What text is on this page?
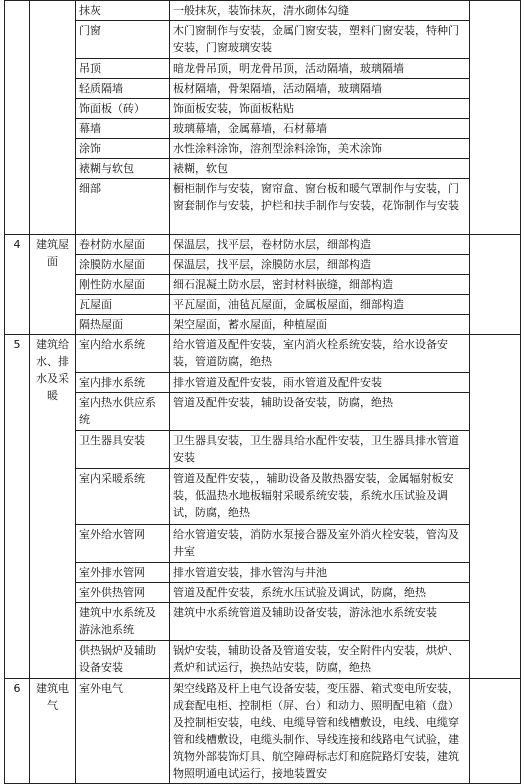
		抹灰	一般抹灰，装饰抹灰，清水砌体勾缝	
		门窗	木门窗制作与安装，金属门窗安装，塑料门窗安装，特种门安装，门窗玻璃安装	
		吊顶	暗龙骨吊顶，明龙骨吊顶，活动隔墙，玻璃隔墙	
		轻质隔墙	板材隔墙，骨架隔墙，活动隔墙，玻璃隔墙	
		饰面板（砖）	饰面板安装，饰面板粘贴	
		幕墙	玻璃幕墙，金属幕墙，石材幕墙	
		涂饰	水性涂料涂饰，溶剂型涂料涂饰，美术涂饰	
		裱糊与软包	裱糊，软包	
		细部	橱柜制作与安装，窗帘盒、窗台板和暖气罩制作与安装，门窗套制作与安装，护栏和扶手制作与安装，花饰制作与安装	
4	建筑屋面	卷材防水屋面	保温层，找平层，卷材防水层，细部构造	
		涂膜防水屋面	保温层，找平层，涂膜防水层，细部构造	
		刚性防水屋面	细石混凝土防水层，密封材料嵌缝，细部构造	
		瓦屋面	平瓦屋面，油毡瓦屋面，金属板屋面，细部构造	
		隔热屋面	架空屋面，蓄水屋面，种植屋面	
5	建筑给水、排水及采暖	室内给水系统	给水管道及配件安装，室内消火栓系统安装，给水设备安装，管道防腐，绝热	
		室内排水系统	排水管道及配件安装，雨水管道及配件安装	
		室内热水供应系统	管道及配件安装，辅助设备安装，防腐，绝热	
		卫生器具安装	卫生器具安装，卫生器具给水配件安装，卫生器具排水管道安装	
		室内采暖系统	管道及配件安装，，辅助设备及散热器安装，金属辐射板安装，低温热水地板辐射采暖系统安装，系统水压试验及调试，防腐，绝热	
		室外给水管网	给水管道安装，消防水泵接合器及室外消火栓安装，管沟及井室	
		室外排水管网	排水管道安装，排水管沟与井池	
		室外供热管网	管道及配件安装，系统水压试验及调试，防腐，绝热	
		建筑中水系统及游泳池系统	建筑中水系统管道及辅助设备安装，游泳池水系统安装	
		供热锅炉及辅助设备安装	锅炉安装，辅助设备及管道安装，安全附件内安装，烘炉、煮炉和试运行，换热站安装，防腐，绝热	
6	建筑电气	室外电气	架空线路及杆上电气设备安装，变压器、箱式变电所安装，成套配电柜、控制柜（屏、台）和动力、照明配电箱（盘）及控制柜安装，电线、电缆导管和线槽敷设，电线、电缆穿管和线槽敷设，电缆头制作、导线连接和线路电气试验，建筑物外部装饰灯具、航空障碍标志灯和庭院路灯安装，建筑物照明通电试运行，接地装置安	
